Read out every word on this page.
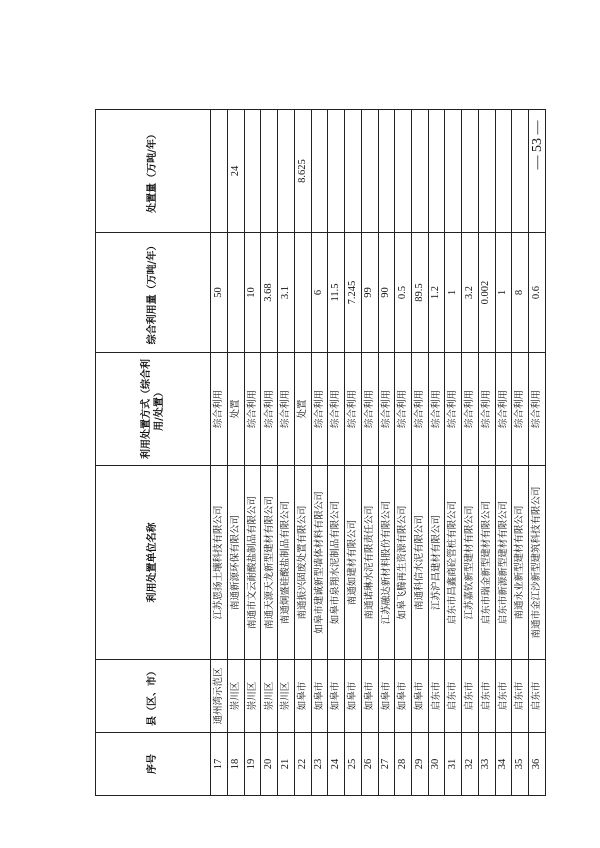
— 53 —
序号	县（区、市）	利用处置单位名称	利用处置方式（综合利用/处置）	综合利用量（万吨/年）	处置量（万吨/年）
17	通州湾示范区	江苏恩扬土壤科技有限公司	综合利用	50	
18	崇川区	南通新源环保有限公司	处置		24
19	崇川区	南通市文云耐酸盐制品有限公司	综合利用	10	
20	崇川区	南通天源天龙新型建材有限公司	综合利用	3.68	
21	崇川区	南通炯盛硅酸盐制品有限公司	综合利用	3.1	
22	如皋市	南通振兴固废处置有限公司	处置		8.625
23	如皋市	如皋市建诚新型墙体材料有限公司	综合利用	6	
24	如皋市	如皋市泉翔水泥制品有限公司	综合利用	11.5	
25	如皋市	南通如建材有限公司	综合利用	7.245	
26	如皋市	南通诺琳水泥有限责任公司	综合利用	99	
27	如皋市	江苏融达新材料股份有限公司	综合利用	90	
28	如皋市	如皋飞腾再生资源有限公司	综合利用	0.5	
29	如皋市	南通科信水泥有限公司	综合利用	89.5	
30	启东市	江苏沪昌建材有限公司	综合利用	1.2	
31	启东市	启东市昌鑫商砼管桩有限公司	综合利用	1	
32	启东市	江苏嘉钦新型建材有限公司	综合利用	3.2	
33	启东市	启东市瑞金新型建材有限公司	综合利用	0.002	
34	启东市	启东市新源新型建材有限公司	综合利用	1	
35	启东市	南通永业新型建材有限公司	综合利用	8	
36	启东市	南通市金江沙新型建筑科技有限公司	综合利用	0.6	
